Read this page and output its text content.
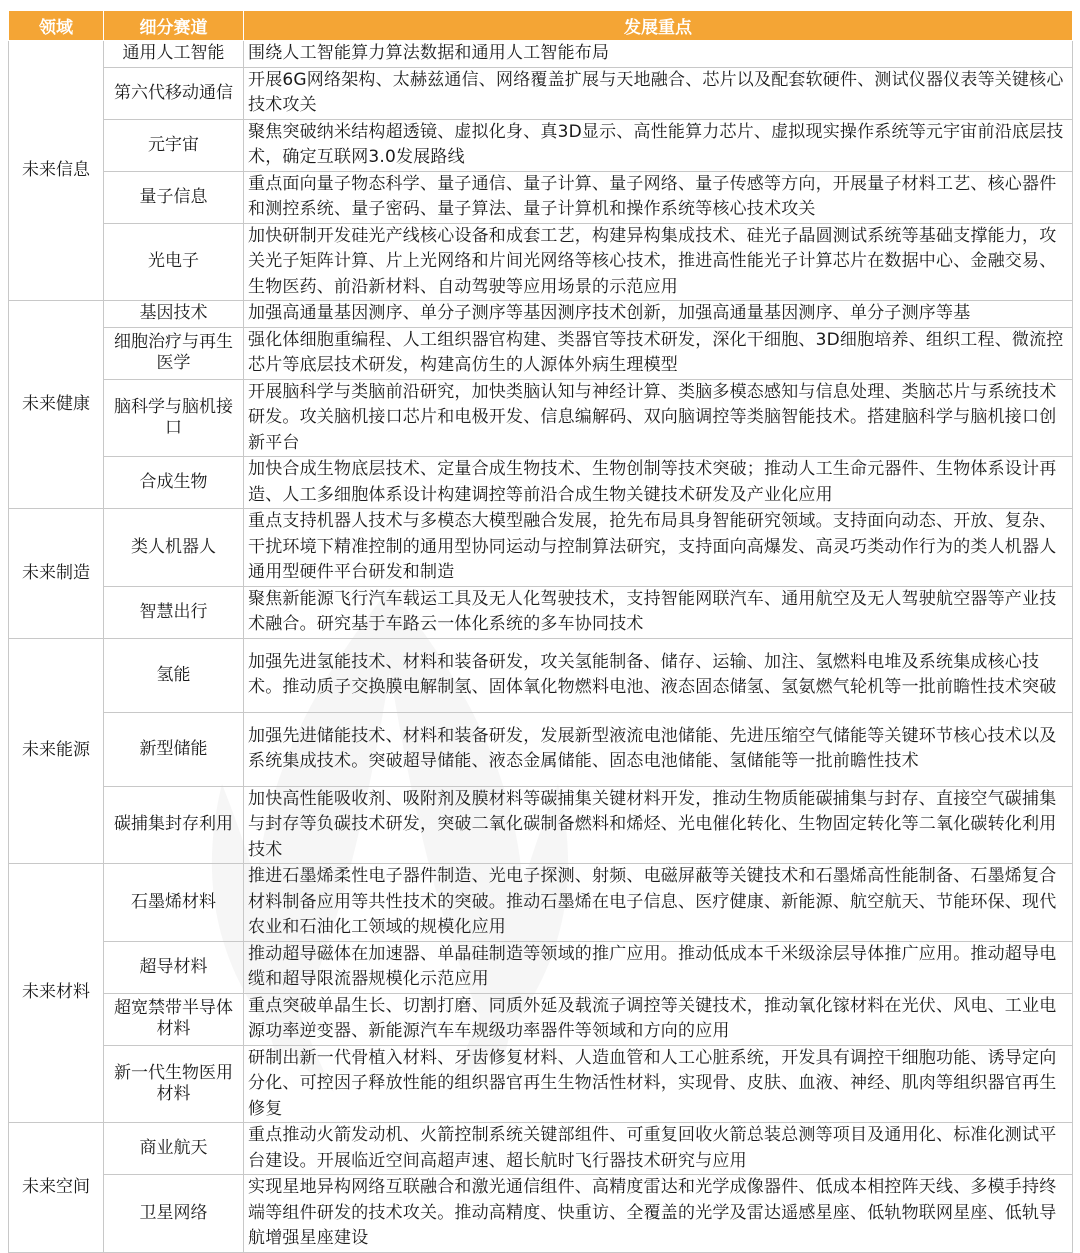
领域	细分赛道	发展重点
未来信息	通用人工智能	围绕人工智能算力算法数据和通用人工智能布局
	第六代移动通信	开展6G网络架构、太赫兹通信、网络覆盖扩展与天地融合、芯片以及配套软硬件、测试仪器仪表等关键核心技术攻关
	元宇宙	聚焦突破纳米结构超透镜、虚拟化身、真3D显示、高性能算力芯片、虚拟现实操作系统等元宇宙前沿底层技术，确定互联网3.0发展路线
	量子信息	重点面向量子物态科学、量子通信、量子计算、量子网络、量子传感等方向，开展量子材料工艺、核心器件和测控系统、量子密码、量子算法、量子计算机和操作系统等核心技术攻关
	光电子	加快研制开发硅光产线核心设备和成套工艺，构建异构集成技术、硅光子晶圆测试系统等基础支撑能力，攻关光子矩阵计算、片上光网络和片间光网络等核心技术，推进高性能光子计算芯片在数据中心、金融交易、生物医药、前沿新材料、自动驾驶等应用场景的示范应用
未来健康	基因技术	加强高通量基因测序、单分子测序等基因测序技术创新，加强高通量基因测序、单分子测序等基
	细胞治疗与再生医学	强化体细胞重编程、人工组织器官构建、类器官等技术研发，深化干细胞、3D细胞培养、组织工程、微流控芯片等底层技术研发，构建高仿生的人源体外病生理模型
	脑科学与脑机接口	开展脑科学与类脑前沿研究，加快类脑认知与神经计算、类脑多模态感知与信息处理、类脑芯片与系统技术研发。攻关脑机接口芯片和电极开发、信息编解码、双向脑调控等类脑智能技术。搭建脑科学与脑机接口创新平台
	合成生物	加快合成生物底层技术、定量合成生物技术、生物创制等技术突破；推动人工生命元器件、生物体系设计再造、人工多细胞体系设计构建调控等前沿合成生物关键技术研发及产业化应用
未来制造	类人机器人	重点支持机器人技术与多模态大模型融合发展，抢先布局具身智能研究领域。支持面向动态、开放、复杂、干扰环境下精准控制的通用型协同运动与控制算法研究，支持面向高爆发、高灵巧类动作行为的类人机器人通用型硬件平台研发和制造
	智慧出行	聚焦新能源飞行汽车载运工具及无人化驾驶技术，支持智能网联汽车、通用航空及无人驾驶航空器等产业技术融合。研究基于车路云一体化系统的多车协同技术
未来能源	氢能	加强先进氢能技术、材料和装备研发，攻关氢能制备、储存、运输、加注、氢燃料电堆及系统集成核心技术。推动质子交换膜电解制氢、固体氧化物燃料电池、液态固态储氢、氢氨燃气轮机等一批前瞻性技术突破
	新型储能	加强先进储能技术、材料和装备研发，发展新型液流电池储能、先进压缩空气储能等关键环节核心技术以及系统集成技术。突破超导储能、液态金属储能、固态电池储能、氢储能等一批前瞻性技术
	碳捕集封存利用	加快高性能吸收剂、吸附剂及膜材料等碳捕集关键材料开发，推动生物质能碳捕集与封存、直接空气碳捕集与封存等负碳技术研发，突破二氧化碳制备燃料和烯烃、光电催化转化、生物固定转化等二氧化碳转化利用技术
未来材料	石墨烯材料	推进石墨烯柔性电子器件制造、光电子探测、射频、电磁屏蔽等关键技术和石墨烯高性能制备、石墨烯复合材料制备应用等共性技术的突破。推动石墨烯在电子信息、医疗健康、新能源、航空航天、节能环保、现代农业和石油化工领域的规模化应用
	超导材料	推动超导磁体在加速器、单晶硅制造等领域的推广应用。推动低成本千米级涂层导体推广应用。推动超导电缆和超导限流器规模化示范应用
	超宽禁带半导体材料	重点突破单晶生长、切割打磨、同质外延及载流子调控等关键技术，推动氧化镓材料在光伏、风电、工业电源功率逆变器、新能源汽车车规级功率器件等领域和方向的应用
	新一代生物医用材料	研制出新一代骨植入材料、牙齿修复材料、人造血管和人工心脏系统，开发具有调控干细胞功能、诱导定向分化、可控因子释放性能的组织器官再生生物活性材料，实现骨、皮肤、血液、神经、肌肉等组织器官再生修复
未来空间	商业航天	重点推动火箭发动机、火箭控制系统关键部组件、可重复回收火箭总装总测等项目及通用化、标准化测试平台建设。开展临近空间高超声速、超长航时飞行器技术研究与应用
	卫星网络	实现星地异构网络互联融合和激光通信组件、高精度雷达和光学成像器件、低成本相控阵天线、多模手持终端等组件研发的技术攻关。推动高精度、快重访、全覆盖的光学及雷达遥感星座、低轨物联网星座、低轨导航增强星座建设
